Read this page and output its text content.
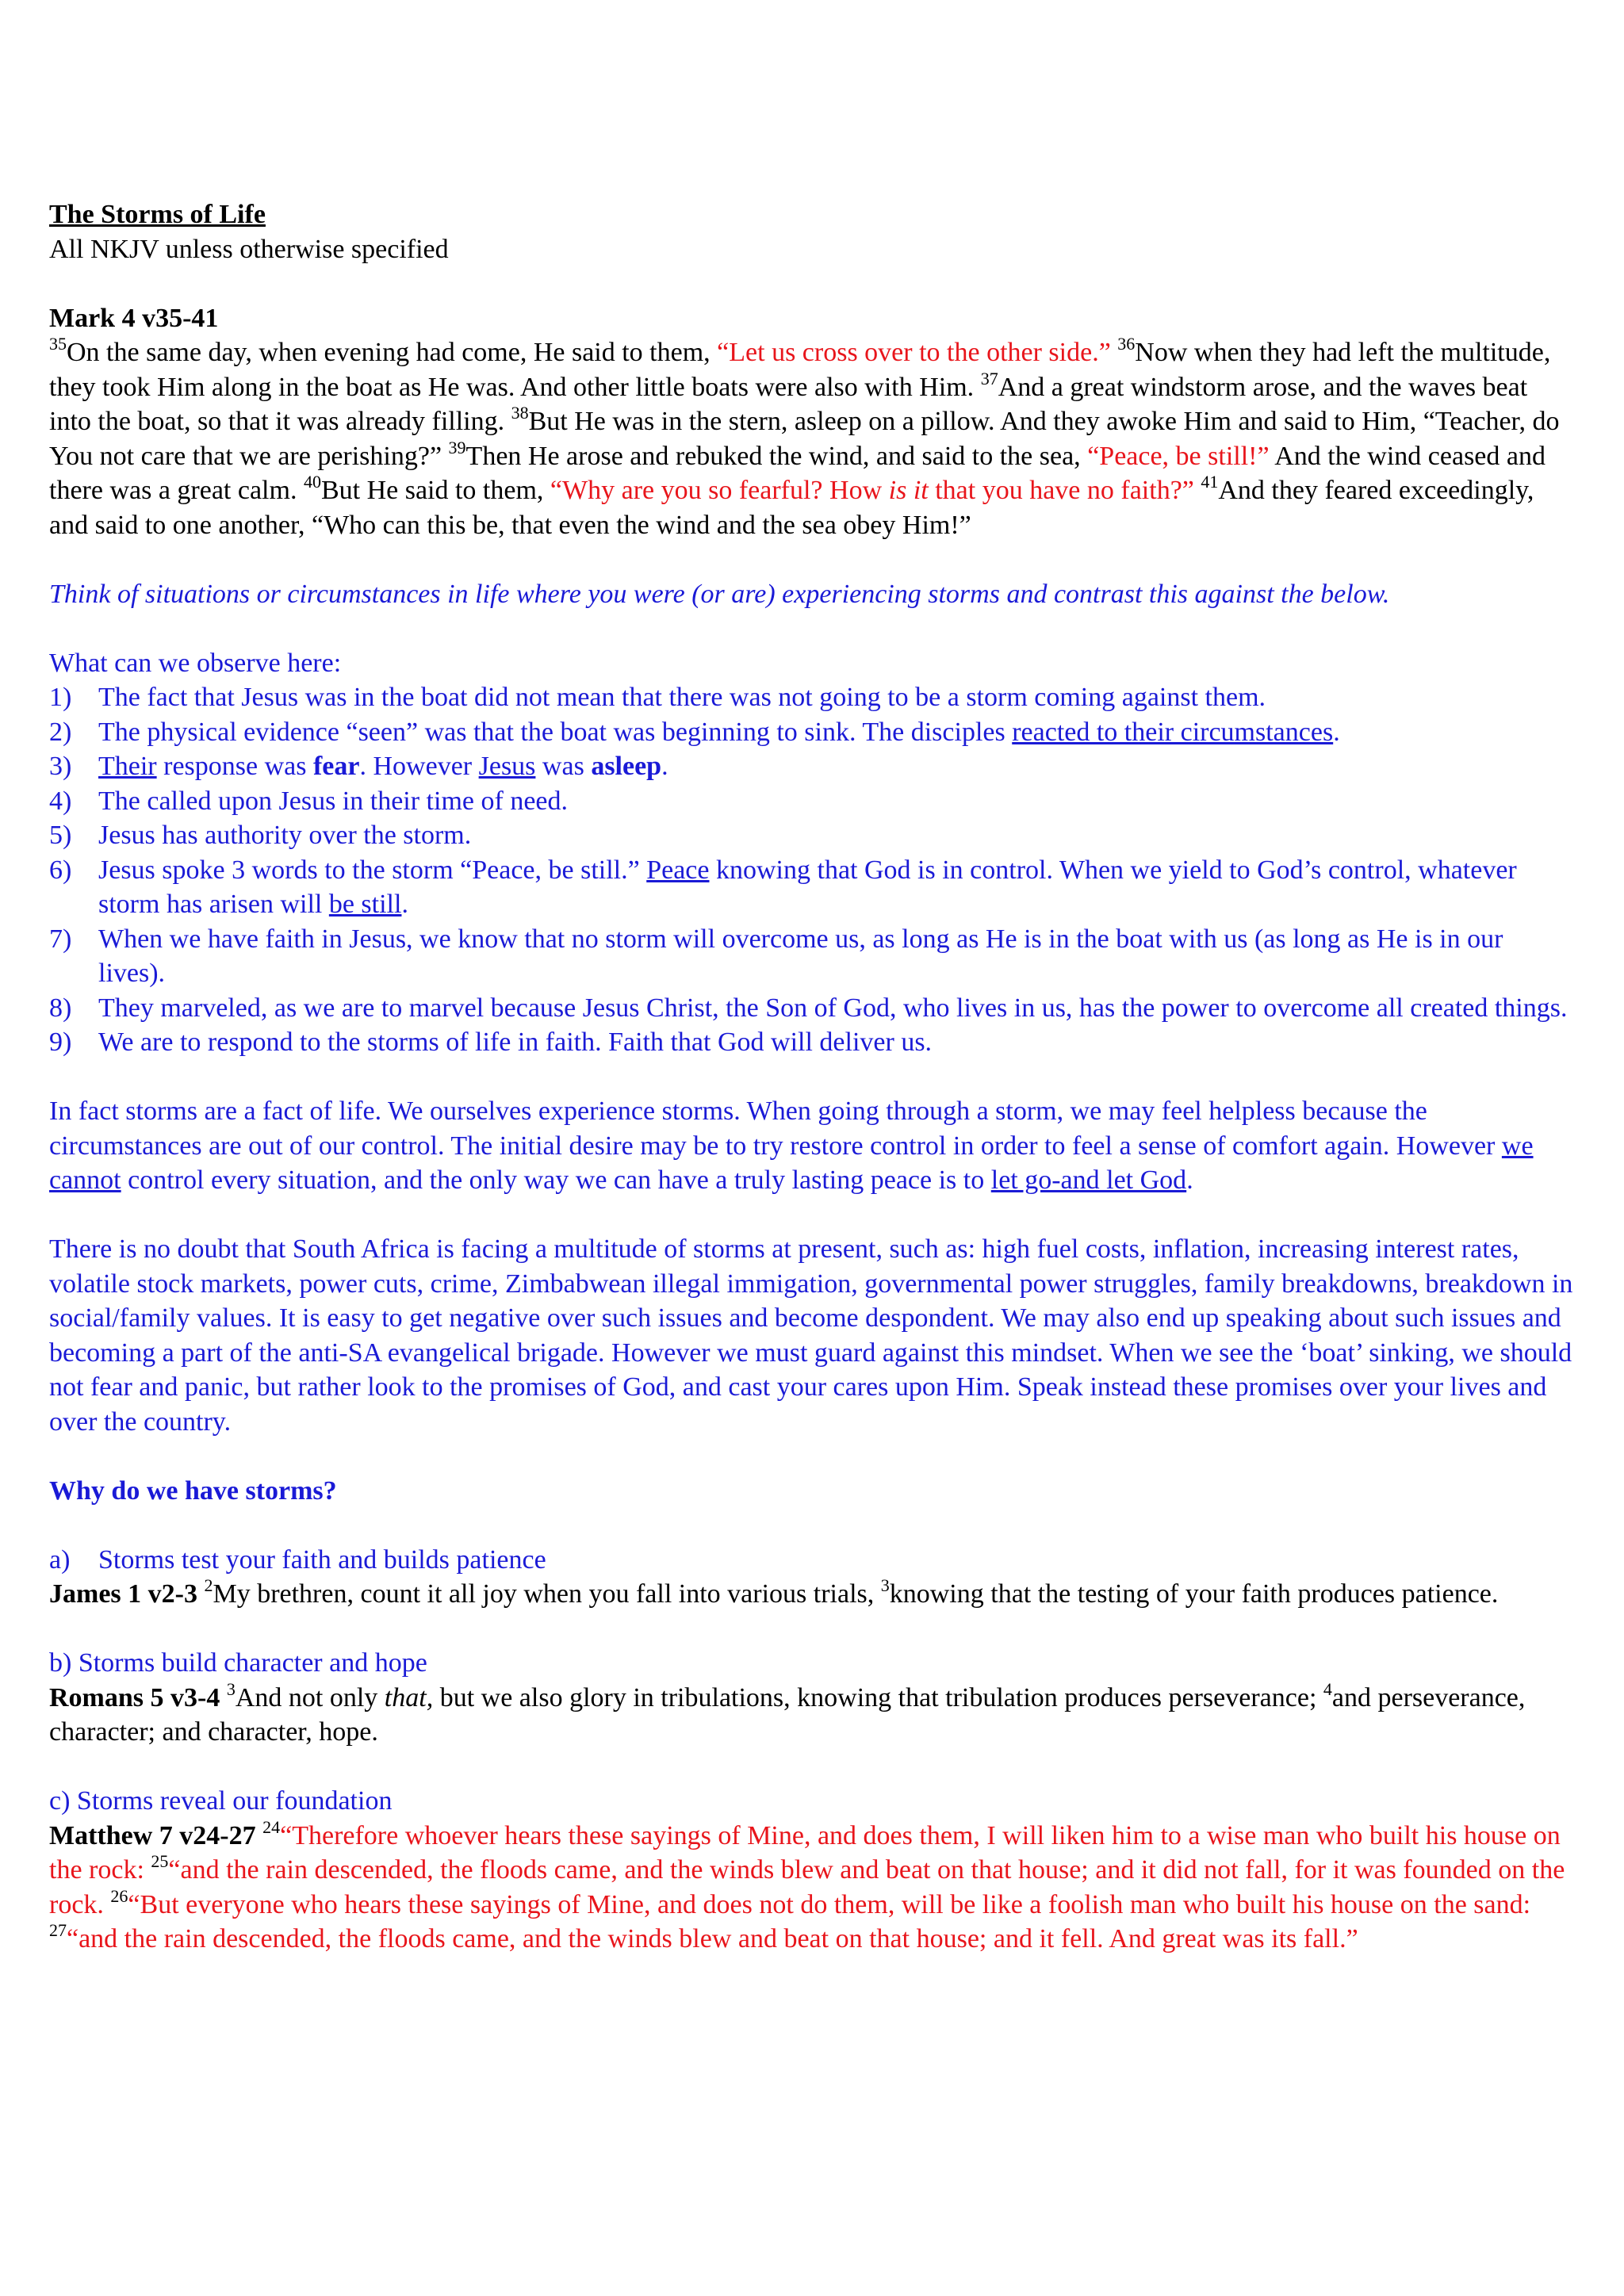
The Storms of Life

All NKJV unless otherwise specified

Mark 4 v35-41

$^{35}$On the same day, when evening had come, He said to them, “Let us cross over to the other side.” $^{36}$Now when they had left the multitude, they took Him along in the boat as He was. And other little boats were also with Him. $^{37}$And a great windstorm arose, and the waves beat into the boat, so that it was already filling. $^{38}$But He was in the stern, asleep on a pillow. And they awoke Him and said to Him, “Teacher, do You not care that we are perishing?” $^{39}$Then He arose and rebuked the wind, and said to the sea, “Peace, be still!” And the wind ceased and there was a great calm. $^{40}$But He said to them, “Why are you so fearful? How is it that you have no faith?” $^{41}$And they feared exceedingly, and said to one another, “Who can this be, that even the wind and the sea obey Him!”

Think of situations or circumstances in life where you were (or are) experiencing storms and contrast this against the below.

What can we observe here:

1) The fact that Jesus was in the boat did not mean that there was not going to be a storm coming against them.
2) The physical evidence “seen” was that the boat was beginning to sink. The disciples reacted to their circumstances.
3) Their response was fear. However Jesus was asleep.
4) The called upon Jesus in their time of need.
5) Jesus has authority over the storm.
6) Jesus spoke 3 words to the storm “Peace, be still.” Peace knowing that God is in control. When we yield to God’s control, whatever storm has arisen will be still.
7) When we have faith in Jesus, we know that no storm will overcome us, as long as He is in the boat with us (as long as He is in our lives).
8) They marveled, as we are to marvel because Jesus Christ, the Son of God, who lives in us, has the power to overcome all created things.
9) We are to respond to the storms of life in faith. Faith that God will deliver us.

In fact storms are a fact of life. We ourselves experience storms. When going through a storm, we may feel helpless because the circumstances are out of our control. The initial desire may be to try restore control in order to feel a sense of comfort again. However we cannot control every situation, and the only way we can have a truly lasting peace is to let go-and let God.

There is no doubt that South Africa is facing a multitude of storms at present, such as: high fuel costs, inflation, increasing interest rates, volatile stock markets, power cuts, crime, Zimbabwean illegal immigation, governmental power struggles, family breakdowns, breakdown in social/family values. It is easy to get negative over such issues and become despondent. We may also end up speaking about such issues and becoming a part of the anti-SA evangelical brigade. However we must guard against this mindset. When we see the ‘boat’ sinking, we should not fear and panic, but rather look to the promises of God, and cast your cares upon Him. Speak instead these promises over your lives and over the country.

Why do we have storms?

a) Storms test your faith and builds patience

James 1 v2-3 $^2$My brethren, count it all joy when you fall into various trials, $^3$knowing that the testing of your faith produces patience.

b) Storms build character and hope

Romans 5 v3-4 $^3$And not only that, but we also glory in tribulations, knowing that tribulation produces perseverance; $^4$and perseverance, character; and character, hope.

c) Storms reveal our foundation

Matthew 7 v24-27 $^{24}$“Therefore whoever hears these sayings of Mine, and does them, I will liken him to a wise man who built his house on the rock: $^{25}$“and the rain descended, the floods came, and the winds blew and beat on that house; and it did not fall, for it was founded on the rock. $^{26}$“But everyone who hears these sayings of Mine, and does not do them, will be like a foolish man who built his house on the sand: $^{27}$“and the rain descended, the floods came, and the winds blew and beat on that house; and it fell. And great was its fall.”
